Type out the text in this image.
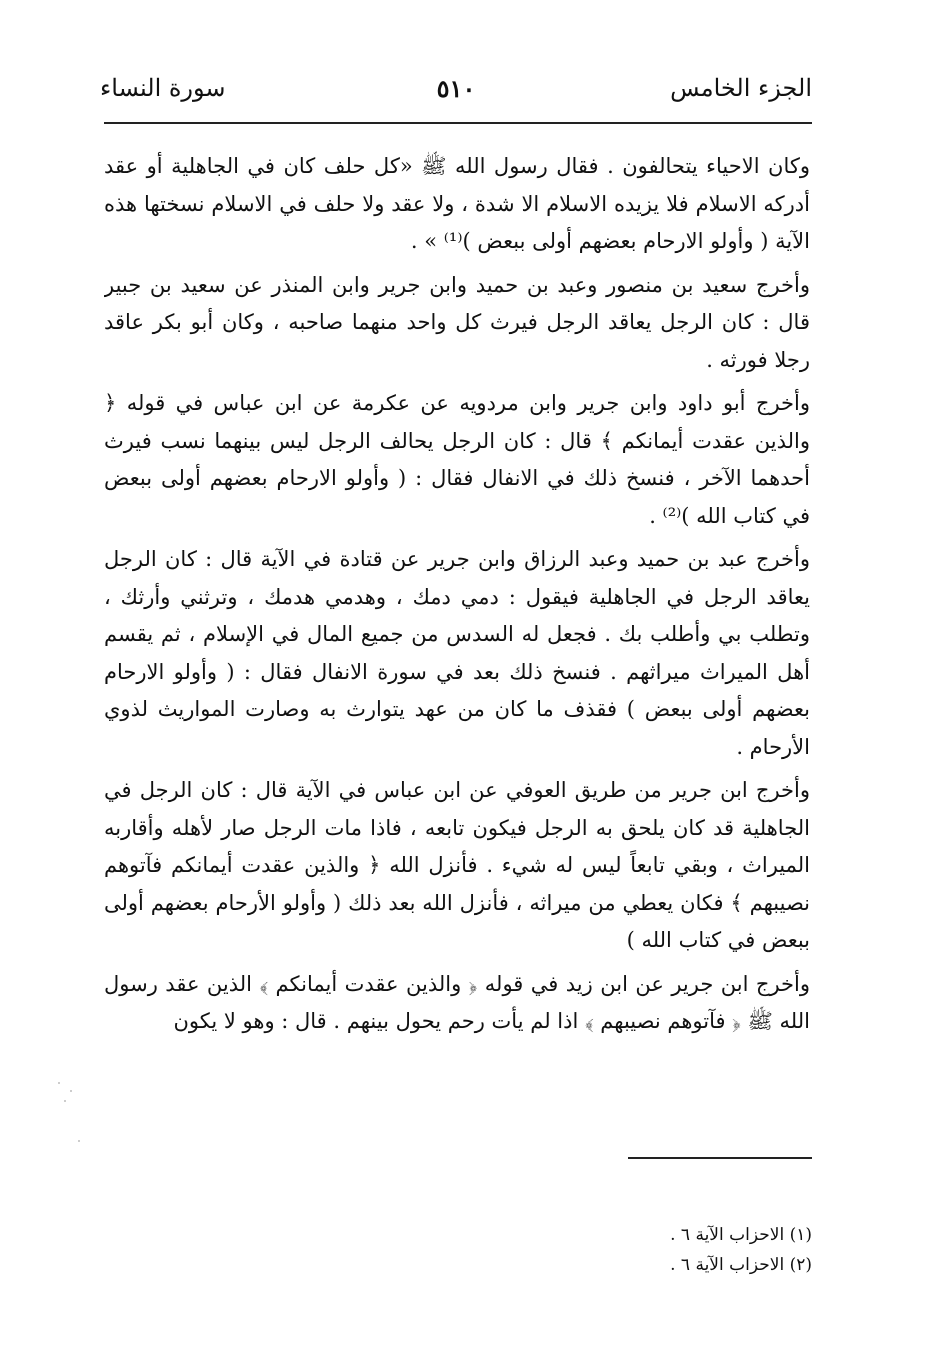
الجزء الخامس
٥١٠
سورة النساء

وكان الاحياء يتحالفون . فقال رسول الله ﷺ «كل حلف كان في الجاهلية أو عقد أدركه الاسلام فلا يزيده الاسلام الا شدة ، ولا عقد ولا حلف في الاسلام نسختها هذه الآية ( وأولو الارحام بعضهم أولى ببعض )⁽¹⁾ » .

وأخرج سعيد بن منصور وعبد بن حميد وابن جرير وابن المنذر عن سعيد بن جبير قال : كان الرجل يعاقد الرجل فيرث كل واحد منهما صاحبه ، وكان أبو بكر عاقد رجلا فورثه .

وأخرج أبو داود وابن جرير وابن مردويه عن عكرمة عن ابن عباس في قوله ﴿ والذين عقدت أيمانكم ﴾ قال : كان الرجل يحالف الرجل ليس بينهما نسب فيرث أحدهما الآخر ، فنسخ ذلك في الانفال فقال : ( وأولو الارحام بعضهم أولى ببعض في كتاب الله )⁽²⁾ .

وأخرج عبد بن حميد وعبد الرزاق وابن جرير عن قتادة في الآية قال : كان الرجل يعاقد الرجل في الجاهلية فيقول : دمي دمك ، وهدمي هدمك ، وترثني وأرثك ، وتطلب بي وأطلب بك . فجعل له السدس من جميع المال في الإسلام ، ثم يقسم أهل الميراث ميراثهم . فنسخ ذلك بعد في سورة الانفال فقال : ( وأولو الارحام بعضهم أولى ببعض ) فقذف ما كان من عهد يتوارث به وصارت المواريث لذوي الأرحام .

وأخرج ابن جرير من طريق العوفي عن ابن عباس في الآية قال : كان الرجل في الجاهلية قد كان يلحق به الرجل فيكون تابعه ، فاذا مات الرجل صار لأهله وأقاربه الميراث ، وبقي تابعاً ليس له شيء . فأنزل الله ﴿ والذين عقدت أيمانكم فآتوهم نصيبهم ﴾ فكان يعطي من ميراثه ، فأنزل الله بعد ذلك ( وأولو الأرحام بعضهم أولى ببعض في كتاب الله )

وأخرج ابن جرير عن ابن زيد في قوله ﴿ والذين عقدت أيمانكم ﴾ الذين عقد رسول الله ﷺ ﴿ فآتوهم نصيبهم ﴾ اذا لم يأت رحم يحول بينهم . قال : وهو لا يكون

(١) الاحزاب الآية ٦ .
(٢) الاحزاب الآية ٦ .
